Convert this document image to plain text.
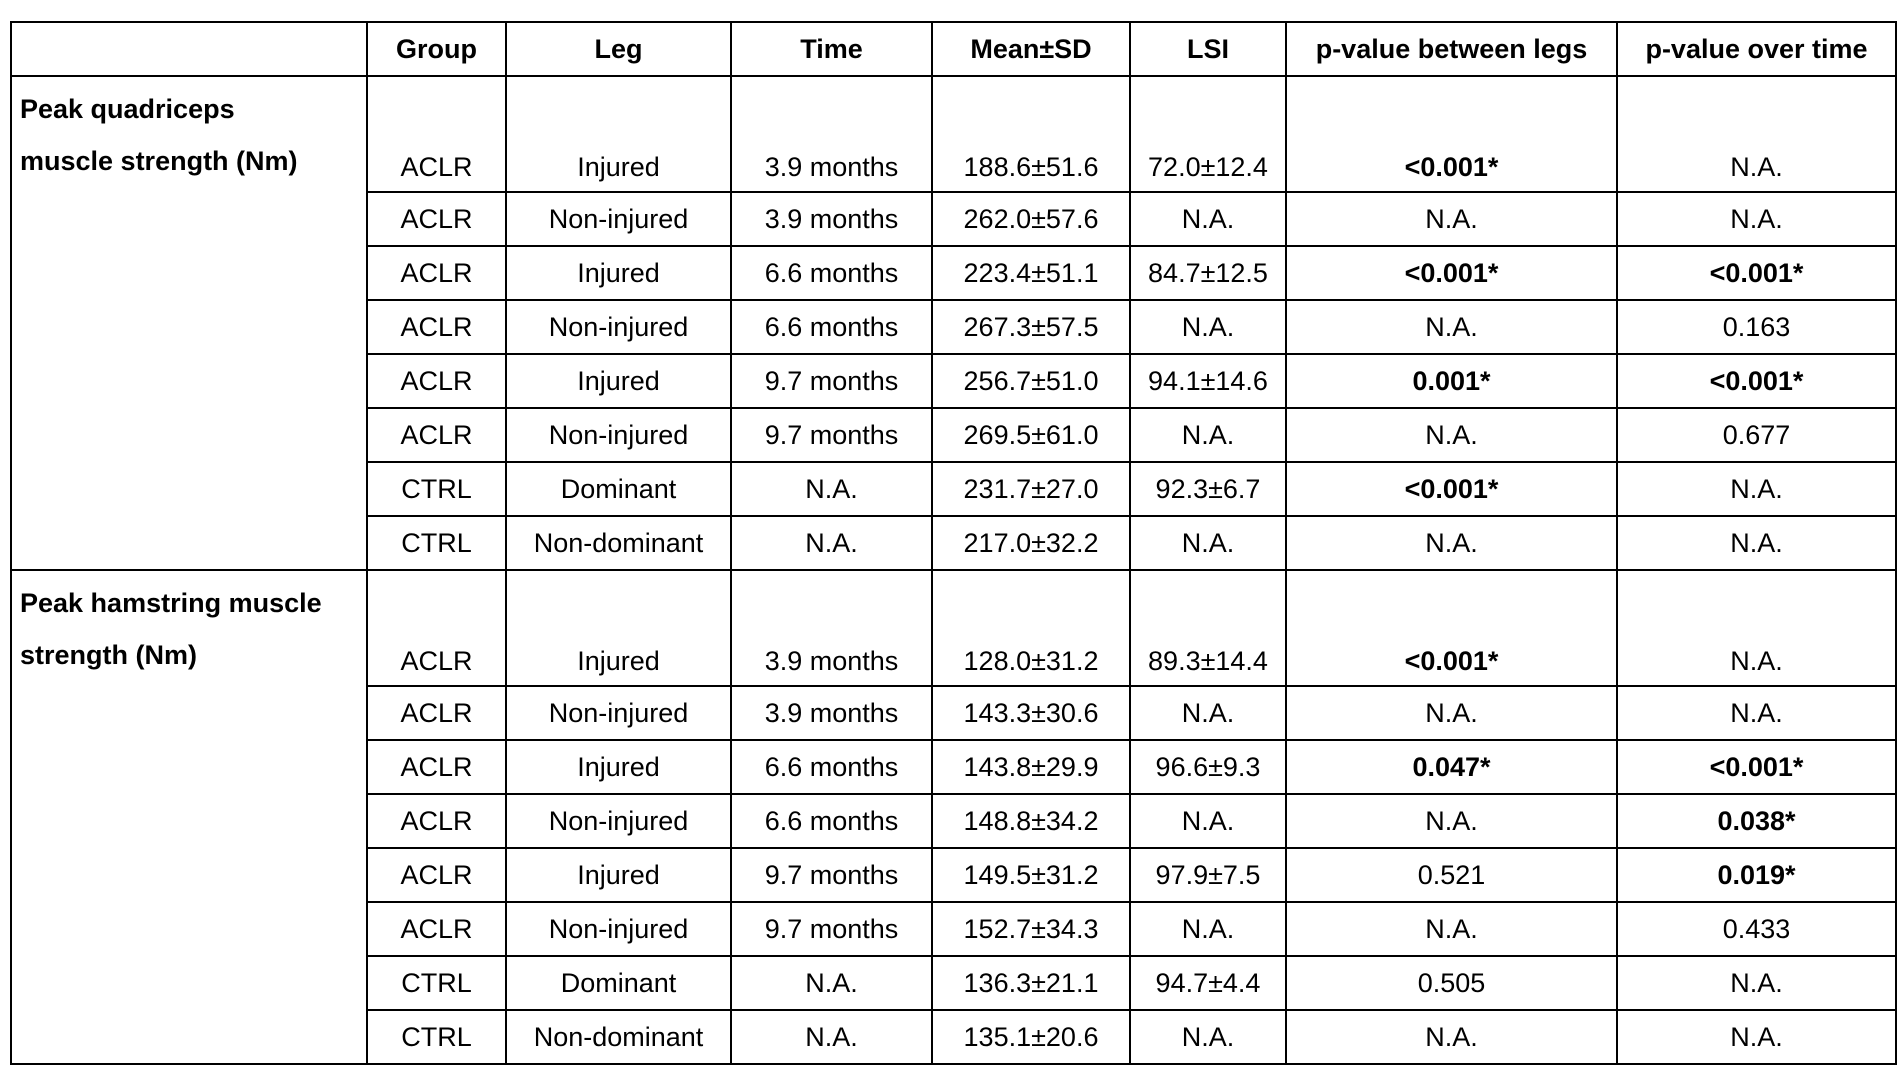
	Group	Leg	Time	Mean±SD	LSI	p-value between legs	p-value over time

Peak quadriceps
muscle strength (Nm)	ACLR	Injured	3.9 months	188.6±51.6	72.0±12.4	<0.001*	N.A.
	ACLR	Non-injured	3.9 months	262.0±57.6	N.A.	N.A.	N.A.
	ACLR	Injured	6.6 months	223.4±51.1	84.7±12.5	<0.001*	<0.001*
	ACLR	Non-injured	6.6 months	267.3±57.5	N.A.	N.A.	0.163
	ACLR	Injured	9.7 months	256.7±51.0	94.1±14.6	0.001*	<0.001*
	ACLR	Non-injured	9.7 months	269.5±61.0	N.A.	N.A.	0.677
	CTRL	Dominant	N.A.	231.7±27.0	92.3±6.7	<0.001*	N.A.
	CTRL	Non-dominant	N.A.	217.0±32.2	N.A.	N.A.	N.A.

Peak hamstring muscle
strength (Nm)	ACLR	Injured	3.9 months	128.0±31.2	89.3±14.4	<0.001*	N.A.
	ACLR	Non-injured	3.9 months	143.3±30.6	N.A.	N.A.	N.A.
	ACLR	Injured	6.6 months	143.8±29.9	96.6±9.3	0.047*	<0.001*
	ACLR	Non-injured	6.6 months	148.8±34.2	N.A.	N.A.	0.038*
	ACLR	Injured	9.7 months	149.5±31.2	97.9±7.5	0.521	0.019*
	ACLR	Non-injured	9.7 months	152.7±34.3	N.A.	N.A.	0.433
	CTRL	Dominant	N.A.	136.3±21.1	94.7±4.4	0.505	N.A.
	CTRL	Non-dominant	N.A.	135.1±20.6	N.A.	N.A.	N.A.
